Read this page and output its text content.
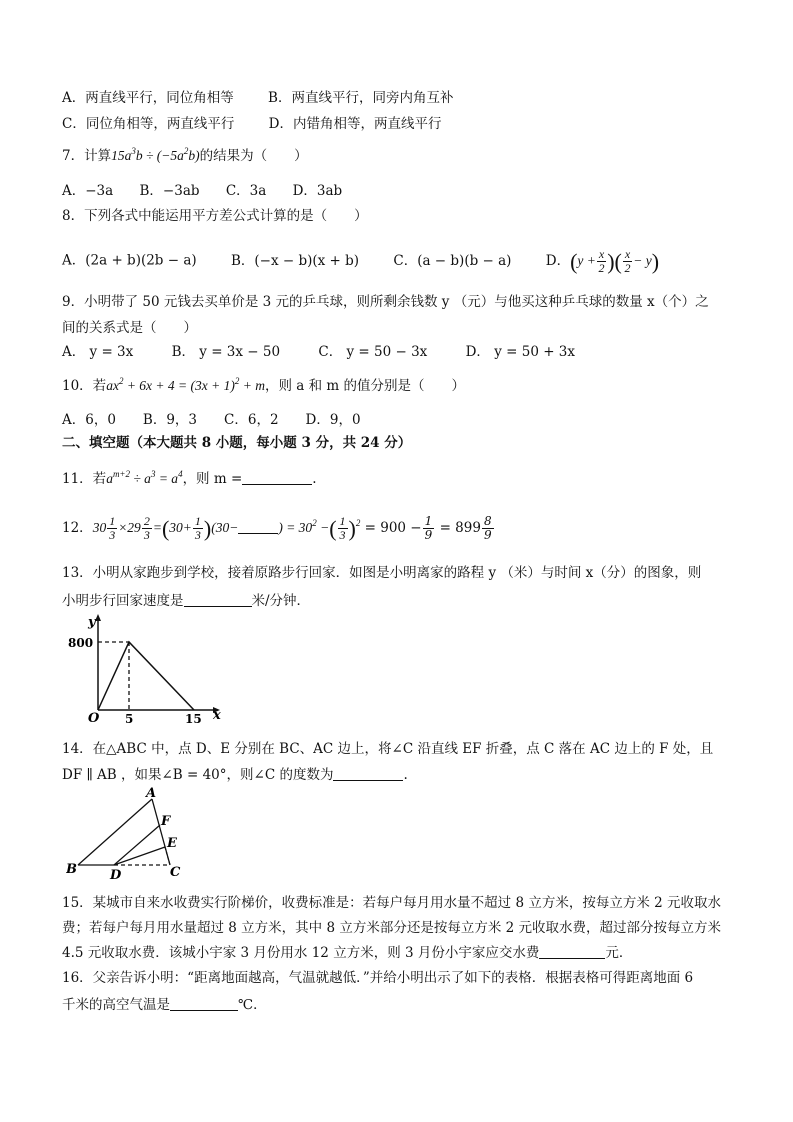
A．两直线平行，同位角相等	B．两直线平行，同旁内角互补
C．同位角相等，两直线平行	D．内错角相等，两直线平行
7．计算$15a^3b \div (-5a^2b)$的结果为（　　）
A．−3a B．−3ab C．3a D．3ab
8．下列各式中能运用平方差公式计算的是（　　）
A．(2a + b)(2b − a)	B．(−x − b)(x + b)	C．(a − b)(b − a)	D．($y + \frac{x}{2}$ )( $\frac{x}{2} - y$)
9．小明带了 50 元钱去买单价是 3 元的乒乓球，则所剩余钱数 y （元）与他买这种乒乓球的数量 x（个）之
间的关系式是（　　）
A． y = 3x	B． y = 3x − 50	C． y = 50 − 3x	D． y = 50 + 3x
10．若$ax^2 + 6x + 4 = (3x + 1)^2 + m$，则 a 和 m 的值分别是（　　）
A．6，0　　B．9，3　　C．6，2　　D．9，0
二、填空题（本大题共 8 小题，每小题 3 分，共 24 分）
11．若$a^{m+2} \div a^3 = a^4$，则 m =	.
12．$30 \frac{1}{3} \times 29 \frac{2}{3} =(30+ \frac{1}{3} )(30-$	) = $30^2$ −( $\frac{1}{3} )^2 = 900 - \frac{1}{9} = 899 \frac{8}{9}$
13．小明从家跑步到学校，接着原路步行回家．如图是小明离家的路程 y （米）与时间 x（分）的图象，则
小明步行回家速度是	米/分钟．
y
x
O
800
5	15
14．在△ABC 中，点 D、E 分别在 BC、AC 边上，将∠C 沿直线 EF 折叠，点 C 落在 AC 边上的 F 处，且
DF ∥ AB ，如果∠B = 40°，则∠C 的度数为	.
A
B	C
D
E
F
15．某城市自来水收费实行阶梯价，收费标准是：若每户每月用水量不超过 8 立方米，按每立方米 2 元收取水
费；若每户每月用水量超过 8 立方米，其中 8 立方米部分还是按每立方米 2 元收取水费，超过部分按每立方米
4.5 元收取水费．该城小宇家 3 月份用水 12 立方米，则 3 月份小宇家应交水费	元．
16．父亲告诉小明：“距离地面越高，气温就越低．”并给小明出示了如下的表格．根据表格可得距离地面 6
千米的高空气温是	℃．
